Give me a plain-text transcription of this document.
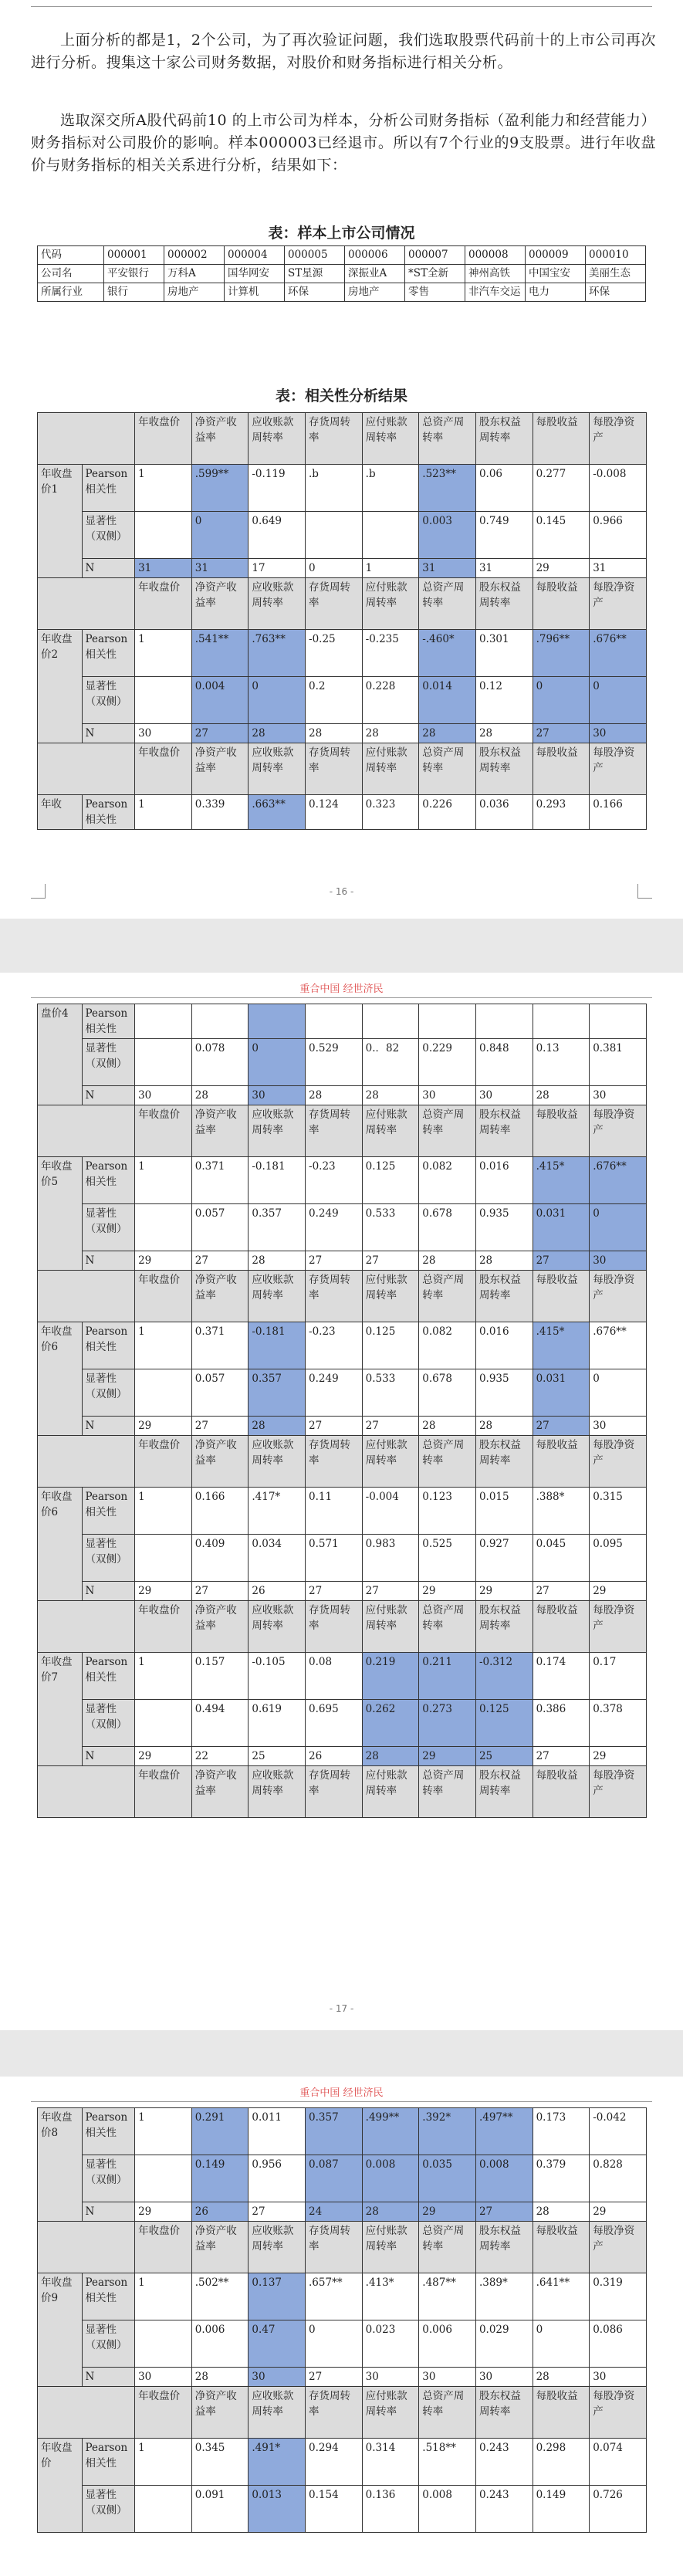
上面分析的都是1，2个公司，为了再次验证问题，我们选取股票代码前十的上市公司再次进行分析。搜集这十家公司财务数据，对股价和财务指标进行相关分析。
选取深交所A股代码前10 的上市公司为样本，分析公司财务指标（盈利能力和经营能力）财务指标对公司股价的影响。样本000003已经退市。所以有7个行业的9支股票。进行年收盘价与财务指标的相关关系进行分析，结果如下：
表：样本上市公司情况
代码	000001	000002	000004	000005	000006	000007	000008	000009	000010
公司名	平安银行	万科A	国华网安	ST星源	深振业A	*ST全新	神州高铁	中国宝安	美丽生态
所属行业	银行	房地产	计算机	环保	房地产	零售	非汽车交运	电力	环保
表：相关性分析结果
		年收盘价	净资产收益率	应收账款周转率	存货周转率	应付账款周转率	总资产周转率	股东权益周转率	每股收益	每股净资产
年收盘价1	Pearson相关性	1	.599**	-0.119	.b	.b	.523**	0.06	0.277	-0.008
	显著性（双侧）		0	0.649			0.003	0.749	0.145	0.966
	N	31	31	17	0	1	31	31	29	31
		年收盘价	净资产收益率	应收账款周转率	存货周转率	应付账款周转率	总资产周转率	股东权益周转率	每股收益	每股净资产
年收盘价2	Pearson相关性	1	.541**	.763**	-0.25	-0.235	-.460*	0.301	.796**	.676**
	显著性（双侧）		0.004	0	0.2	0.228	0.014	0.12	0	0
	N	30	27	28	28	28	28	28	27	30
		年收盘价	净资产收益率	应收账款周转率	存货周转率	应付账款周转率	总资产周转率	股东权益周转率	每股收益	每股净资产
年收	Pearson相关性	1	0.339	.663**	0.124	0.323	0.226	0.036	0.293	0.166
- 16 -
重合中国 经世济民
盘价4	Pearson相关性									
	显著性（双侧）		0.078	0	0.529	0.．82	0.229	0.848	0.13	0.381
	N	30	28	30	28	28	30	30	28	30
		年收盘价	净资产收益率	应收账款周转率	存货周转率	应付账款周转率	总资产周转率	股东权益周转率	每股收益	每股净资产
年收盘价5	Pearson相关性	1	0.371	-0.181	-0.23	0.125	0.082	0.016	.415*	.676**
	显著性（双侧）		0.057	0.357	0.249	0.533	0.678	0.935	0.031	0
	N	29	27	28	27	27	28	28	27	30
		年收盘价	净资产收益率	应收账款周转率	存货周转率	应付账款周转率	总资产周转率	股东权益周转率	每股收益	每股净资产
年收盘价6	Pearson相关性	1	0.371	-0.181	-0.23	0.125	0.082	0.016	.415*	.676**
	显著性（双侧）		0.057	0.357	0.249	0.533	0.678	0.935	0.031	0
	N	29	27	28	27	27	28	28	27	30
		年收盘价	净资产收益率	应收账款周转率	存货周转率	应付账款周转率	总资产周转率	股东权益周转率	每股收益	每股净资产
年收盘价6	Pearson相关性	1	0.166	.417*	0.11	-0.004	0.123	0.015	.388*	0.315
	显著性（双侧）		0.409	0.034	0.571	0.983	0.525	0.927	0.045	0.095
	N	29	27	26	27	27	29	29	27	29
		年收盘价	净资产收益率	应收账款周转率	存货周转率	应付账款周转率	总资产周转率	股东权益周转率	每股收益	每股净资产
年收盘价7	Pearson相关性	1	0.157	-0.105	0.08	0.219	0.211	-0.312	0.174	0.17
	显著性（双侧）		0.494	0.619	0.695	0.262	0.273	0.125	0.386	0.378
	N	29	22	25	26	28	29	25	27	29
		年收盘价	净资产收益率	应收账款周转率	存货周转率	应付账款周转率	总资产周转率	股东权益周转率	每股收益	每股净资产
- 17 -
重合中国 经世济民
年收盘价8	Pearson相关性	1	0.291	0.011	0.357	.499**	.392*	.497**	0.173	-0.042
	显著性（双侧）		0.149	0.956	0.087	0.008	0.035	0.008	0.379	0.828
	N	29	26	27	24	28	29	27	28	29
		年收盘价	净资产收益率	应收账款周转率	存货周转率	应付账款周转率	总资产周转率	股东权益周转率	每股收益	每股净资产
年收盘价9	Pearson相关性	1	.502**	0.137	.657**	.413*	.487**	.389*	.641**	0.319
	显著性（双侧）		0.006	0.47	0	0.023	0.006	0.029	0	0.086
	N	30	28	30	27	30	30	30	28	30
		年收盘价	净资产收益率	应收账款周转率	存货周转率	应付账款周转率	总资产周转率	股东权益周转率	每股收益	每股净资产
年收盘价	Pearson相关性	1	0.345	.491*	0.294	0.314	.518**	0.243	0.298	0.074
	显著性（双侧）		0.091	0.013	0.154	0.136	0.008	0.243	0.149	0.726
